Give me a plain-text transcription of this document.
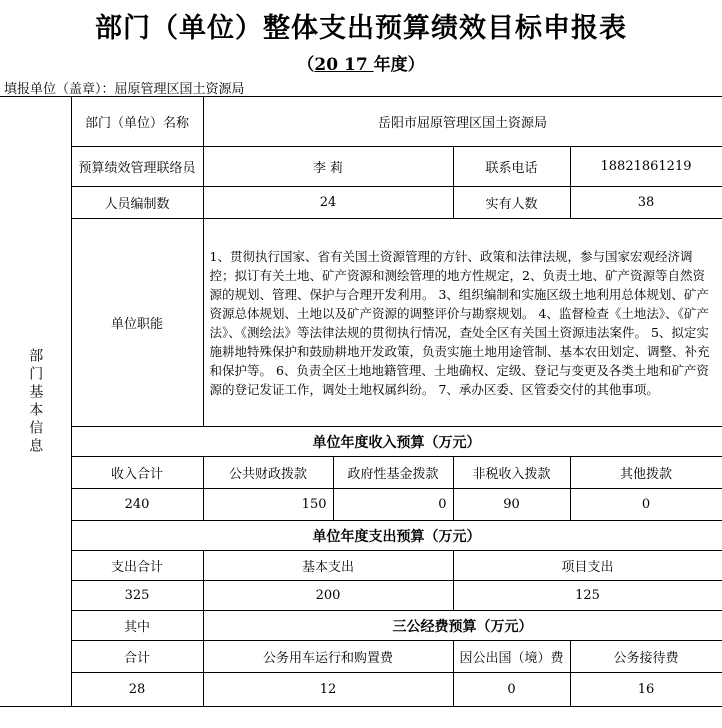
部门（单位）整体支出预算绩效目标申报表
（20 17 年度）
填报单位（盖章）：屈原管理区国土资源局
部门基本信息	部门（单位）名称	岳阳市屈原管理区国土资源局			
	预算绩效管理联络员	李 莉		联系电话	18821861219
	人员编制数	24		实有人数	38
	单位职能	1、贯彻执行国家、省有关国土资源管理的方针、政策和法律法规，参与国家宏观经济调控；拟订有关土地、矿产资源和测绘管理的地方性规定，2、负责土地、矿产资源等自然资源的规划、管理、保护与合理开发利用。 3、组织编制和实施区级土地利用总体规划、矿产资源总体规划、土地以及矿产资源的调整评价与勘察规划。 4、监督检查《土地法》、《矿产法》、《测绘法》等法律法规的贯彻执行情况，查处全区有关国土资源违法案件。 5、拟定实施耕地特殊保护和鼓励耕地开发政策，负责实施土地用途管制、基本农田划定、调整、补充和保护等。 6、负责全区土地地籍管理、土地确权、定级、登记与变更及各类土地和矿产资源的登记发证工作，调处土地权属纠纷。 7、承办区委、区管委交付的其他事项。			
	单位年度收入预算（万元）				
	收入合计	公共财政拨款	政府性基金拨款	非税收入拨款	其他拨款
	240	150	0	90	0
	单位年度支出预算（万元）				
	支出合计	基本支出		项目支出	
	325	200		125	
	其中	三公经费预算（万元）			
	合计	公务用车运行和购置费		因公出国（境）费	公务接待费
	28	12		0	16
